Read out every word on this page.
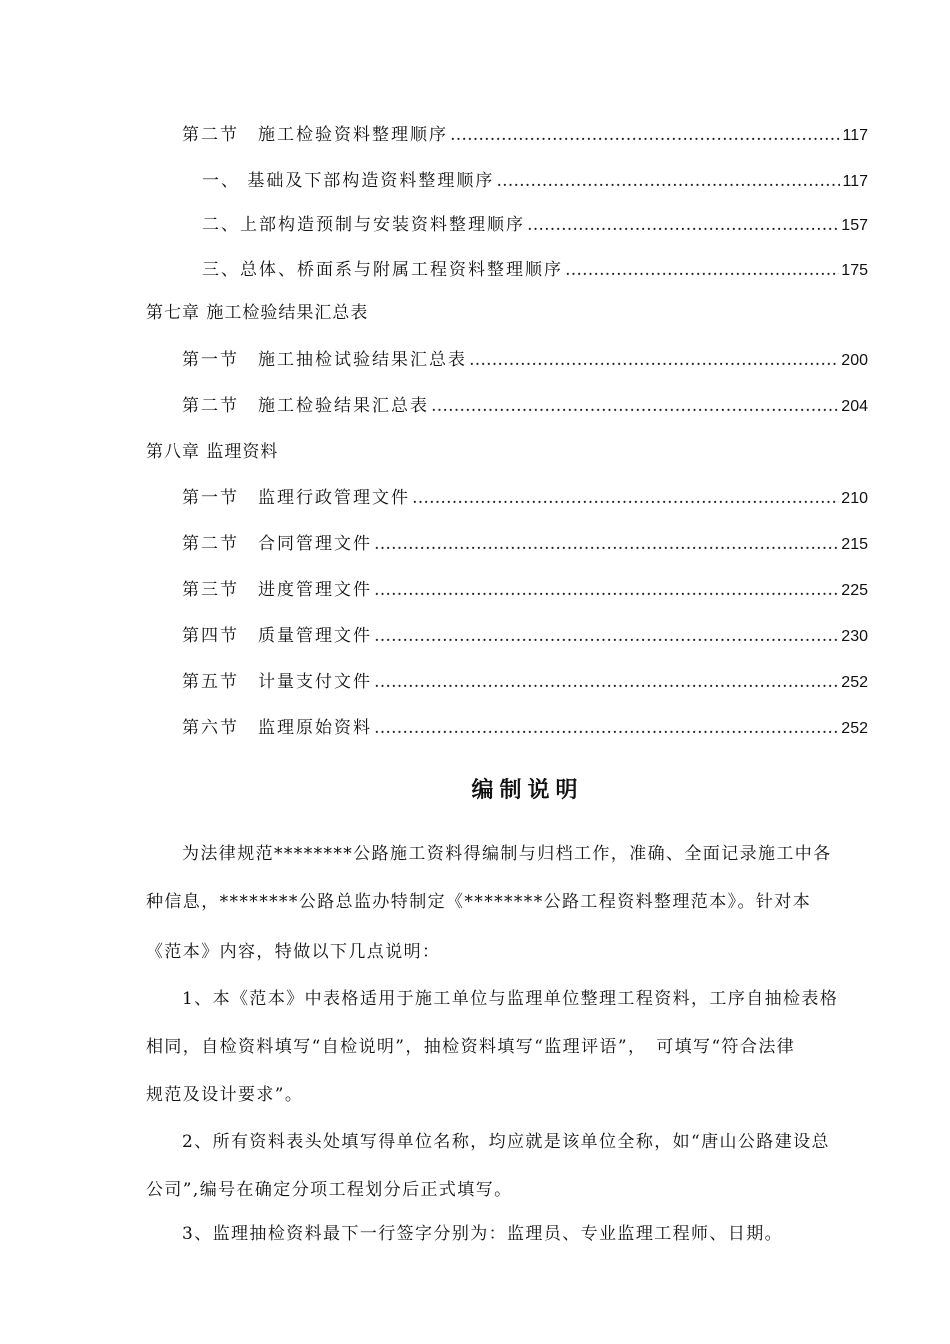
第二节　施工检验资料整理顺序 ……………………………………………………………………………………………………………………………………………………………	117
一、 基础及下部构造资料整理顺序 ……………………………………………………………………………………………………………………………………………………………	117
二、上部构造预制与安装资料整理顺序 ……………………………………………………………………………………………………………………………………………………………	157
三、总体、桥面系与附属工程资料整理顺序 ……………………………………………………………………………………………………………………………………………………………	175
第七章 施工检验结果汇总表
第一节　施工抽检试验结果汇总表 ……………………………………………………………………………………………………………………………………………………………	200
第二节　施工检验结果汇总表 ……………………………………………………………………………………………………………………………………………………………	204
第八章 监理资料
第一节　监理行政管理文件 ……………………………………………………………………………………………………………………………………………………………	210
第二节　合同管理文件 ……………………………………………………………………………………………………………………………………………………………	215
第三节　进度管理文件 ……………………………………………………………………………………………………………………………………………………………	225
第四节　质量管理文件 ……………………………………………………………………………………………………………………………………………………………	230
第五节　计量支付文件 ……………………………………………………………………………………………………………………………………………………………	252
第六节　监理原始资料 ……………………………………………………………………………………………………………………………………………………………	252
编制说明
为法律规范********公路施工资料得编制与归档工作，准确、全面记录施工中各
种信息，********公路总监办特制定《********公路工程资料整理范本》。针对本
《范本》内容，特做以下几点说明：
1、本《范本》中表格适用于施工单位与监理单位整理工程资料，工序自抽检表格
相同，自检资料填写“自检说明”，抽检资料填写“监理评语”，　可填写“符合法律
规范及设计要求”。
2、所有资料表头处填写得单位名称，均应就是该单位全称，如“唐山公路建设总
公司”,编号在确定分项工程划分后正式填写。
3、监理抽检资料最下一行签字分别为：监理员、专业监理工程师、日期。
